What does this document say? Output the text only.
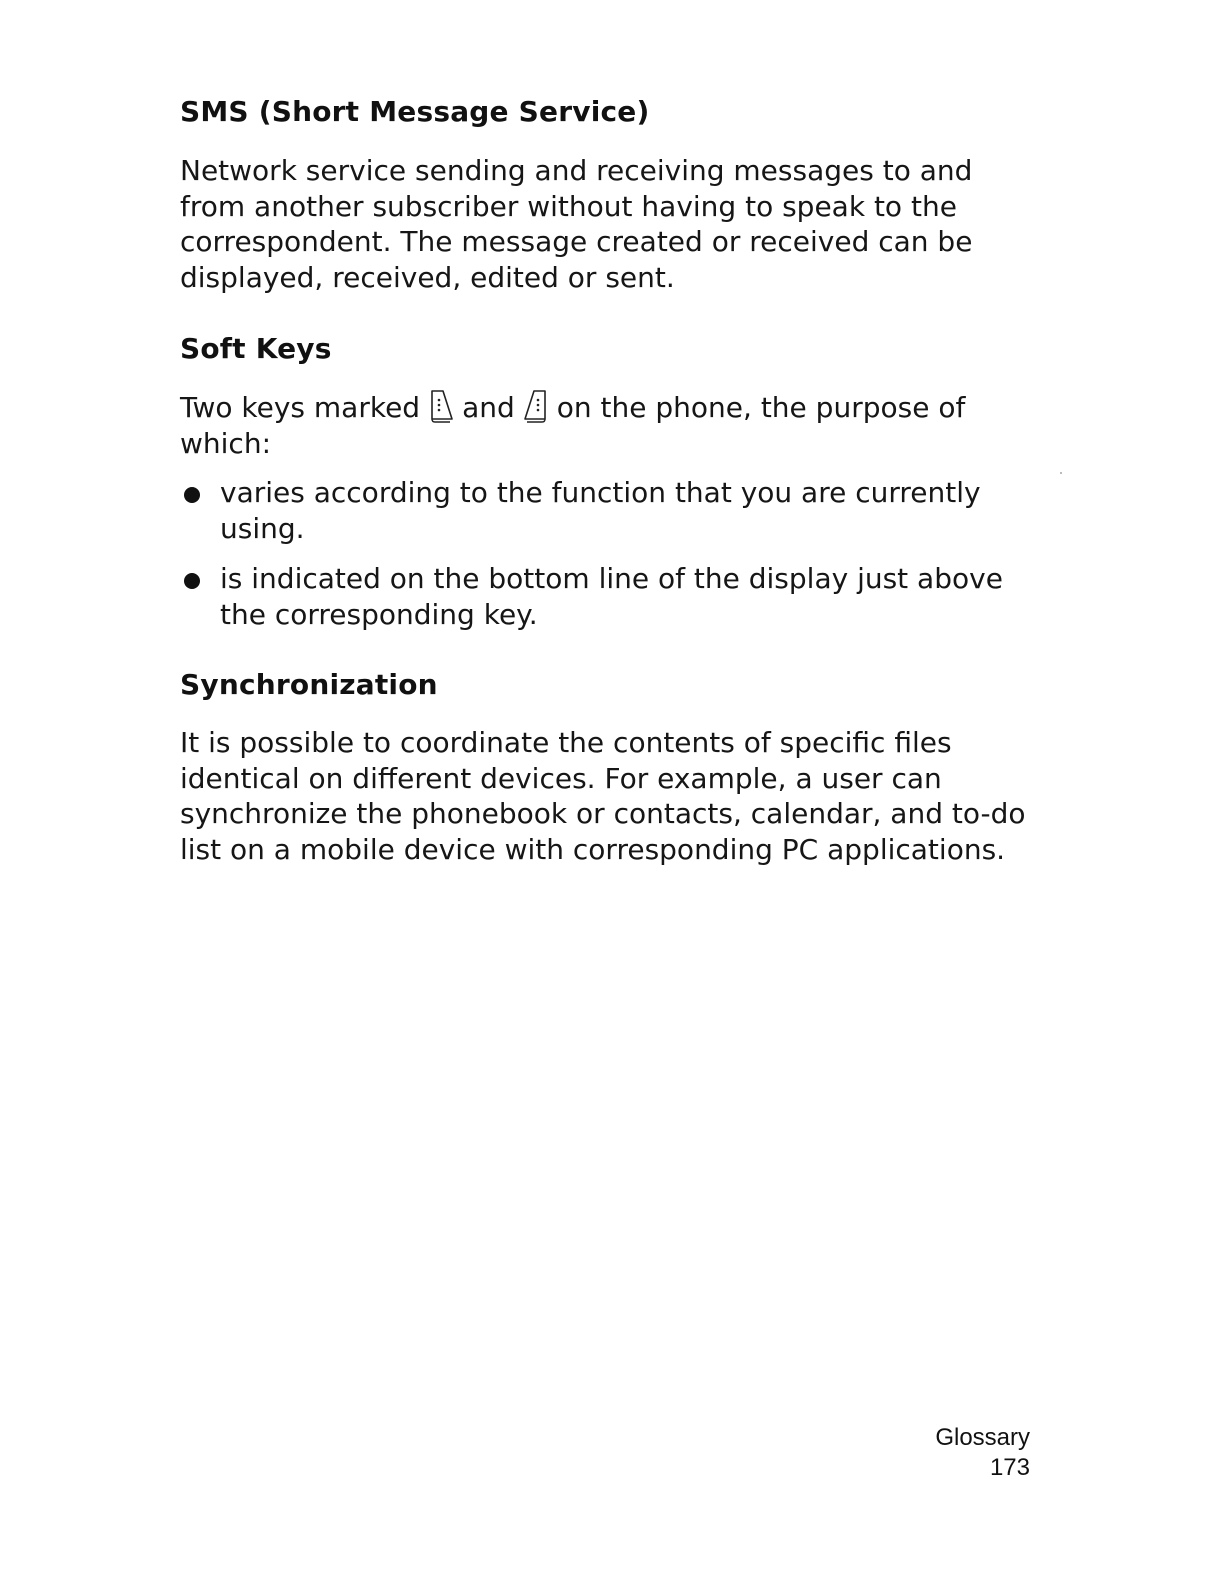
SMS (Short Message Service)

Network service sending and receiving messages to and from another subscriber without having to speak to the correspondent. The message created or received can be displayed, received, edited or sent.

Soft Keys

Two keys marked and on the phone, the purpose of which:

varies according to the function that you are currently using.
is indicated on the bottom line of the display just above the corresponding key.
Synchronization

It is possible to coordinate the contents of specific files identical on different devices. For example, a user can synchronize the phonebook or contacts, calendar, and to-do list on a mobile device with corresponding PC applications.

Glossary
173
